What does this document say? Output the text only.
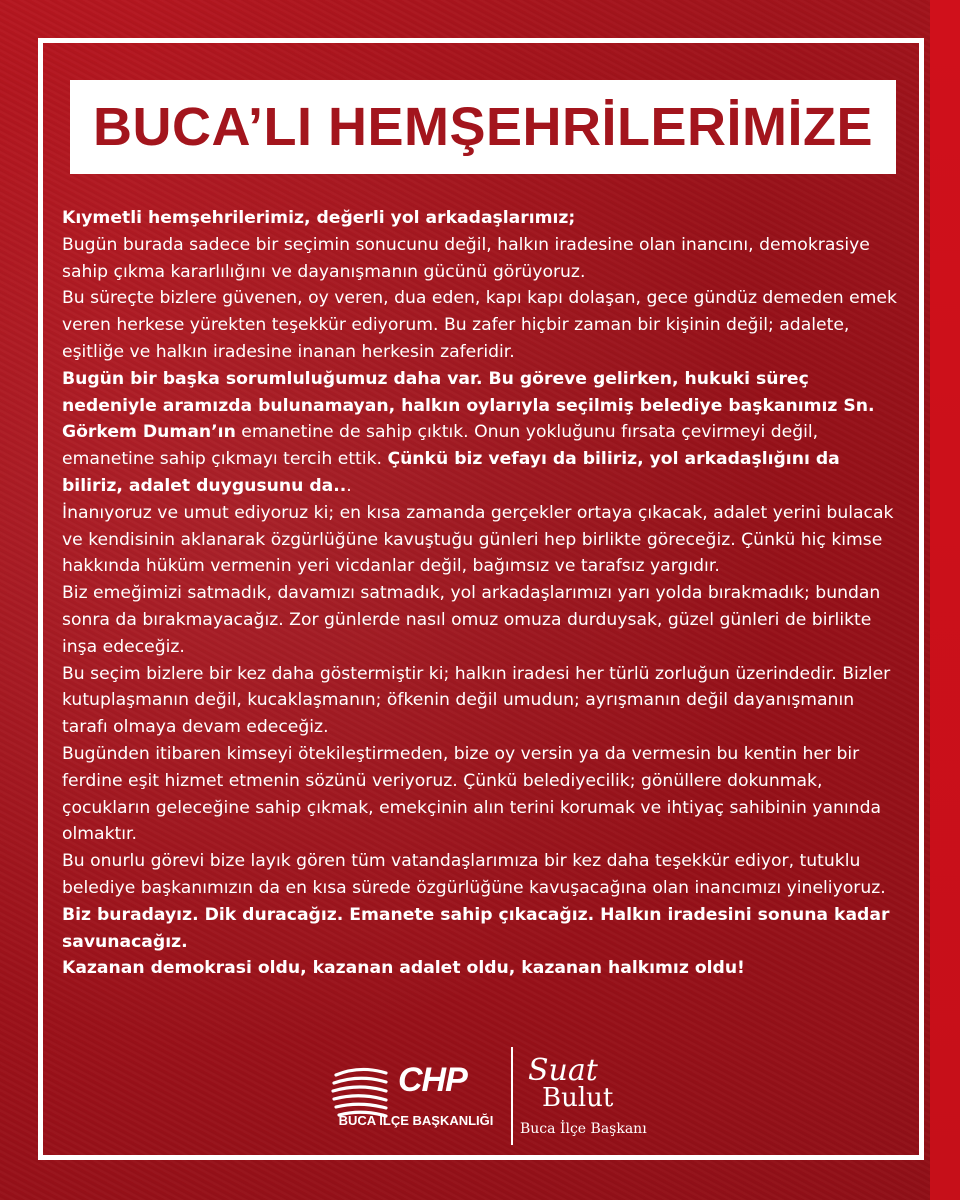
BUCA’LI HEMŞEHRİLERİMİZE
Kıymetli hemşehrilerimiz, değerli yol arkadaşlarımız;
Bugün burada sadece bir seçimin sonucunu değil, halkın iradesine olan inancını, demokrasiye sahip çıkma kararlılığını ve dayanışmanın gücünü görüyoruz.
Bu süreçte bizlere güvenen, oy veren, dua eden, kapı kapı dolaşan, gece gündüz demeden emek veren herkese yürekten teşekkür ediyorum. Bu zafer hiçbir zaman bir kişinin değil; adalete, eşitliğe ve halkın iradesine inanan herkesin zaferidir.
Bugün bir başka sorumluluğumuz daha var. Bu göreve gelirken, hukuki süreç nedeniyle aramızda bulunamayan, halkın oylarıyla seçilmiş belediye başkanımız Sn. Görkem Duman’ın emanetine de sahip çıktık. Onun yokluğunu fırsata çevirmeyi değil, emanetine sahip çıkmayı tercih ettik. Çünkü biz vefayı da biliriz, yol arkadaşlığını da biliriz, adalet duygusunu da...
İnanıyoruz ve umut ediyoruz ki; en kısa zamanda gerçekler ortaya çıkacak, adalet yerini bulacak ve kendisinin aklanarak özgürlüğüne kavuştuğu günleri hep birlikte göreceğiz. Çünkü hiç kimse hakkında hüküm vermenin yeri vicdanlar değil, bağımsız ve tarafsız yargıdır.
Biz emeğimizi satmadık, davamızı satmadık, yol arkadaşlarımızı yarı yolda bırakmadık; bundan sonra da bırakmayacağız. Zor günlerde nasıl omuz omuza durduysak, güzel günleri de birlikte inşa edeceğiz.
Bu seçim bizlere bir kez daha göstermiştir ki; halkın iradesi her türlü zorluğun üzerindedir. Bizler kutuplaşmanın değil, kucaklaşmanın; öfkenin değil umudun; ayrışmanın değil dayanışmanın tarafı olmaya devam edeceğiz.
Bugünden itibaren kimseyi ötekileştirmeden, bize oy versin ya da vermesin bu kentin her bir ferdine eşit hizmet etmenin sözünü veriyoruz. Çünkü belediyecilik; gönüllere dokunmak, çocukların geleceğine sahip çıkmak, emekçinin alın terini korumak ve ihtiyaç sahibinin yanında olmaktır.
Bu onurlu görevi bize layık gören tüm vatandaşlarımıza bir kez daha teşekkür ediyor, tutuklu belediye başkanımızın da en kısa sürede özgürlüğüne kavuşacağına olan inancımızı yineliyoruz.
Biz buradayız. Dik duracağız. Emanete sahip çıkacağız. Halkın iradesini sonuna kadar savunacağız.
Kazanan demokrasi oldu, kazanan adalet oldu, kazanan halkımız oldu!
CHP
BUCA İLÇE BAŞKANLIĞI
Suat
Bulut
Buca İlçe Başkanı
